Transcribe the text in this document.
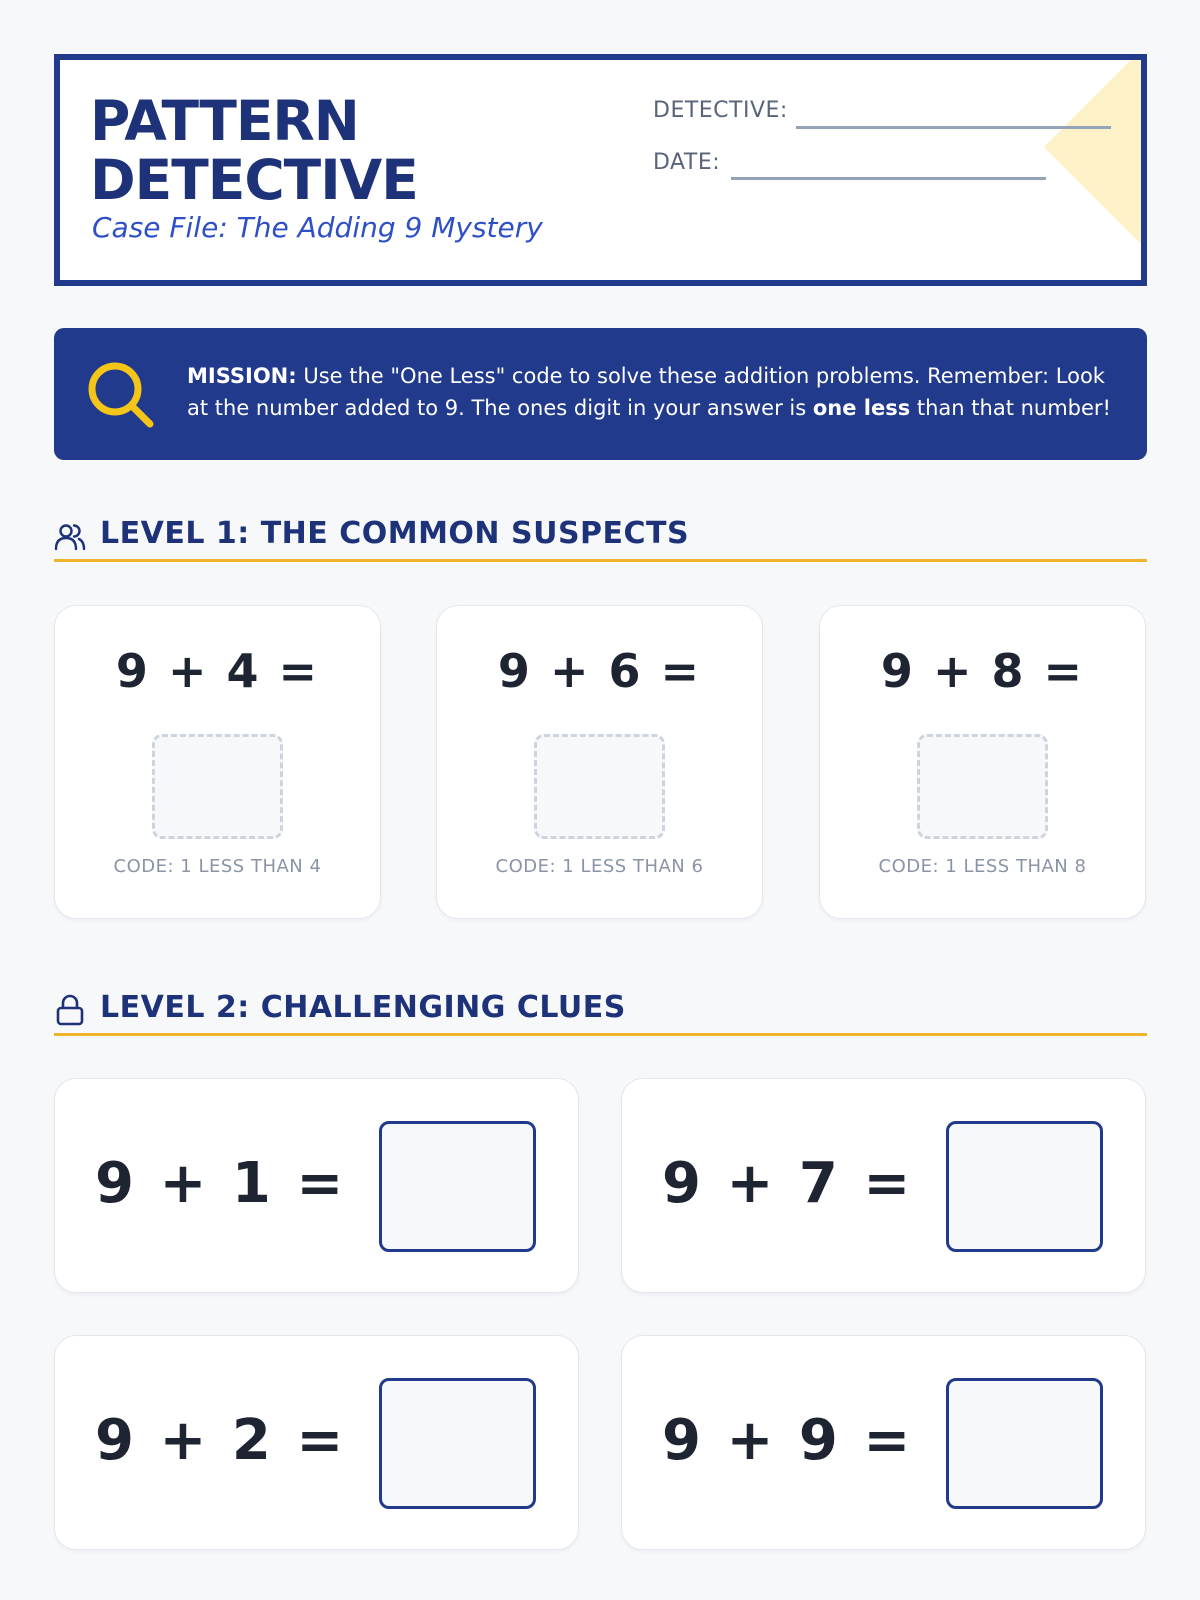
PATTERN
DETECTIVE
Case File: The Adding 9 Mystery
DETECTIVE:
DATE:
MISSION: Use the "One Less" code to solve these addition problems. Remember: Look at the number added to 9. The ones digit in your answer is one less than that number!
LEVEL 1: THE COMMON SUSPECTS
9 + 4 =
CODE: 1 LESS THAN 4
9 + 6 =
CODE: 1 LESS THAN 6
9 + 8 =
CODE: 1 LESS THAN 8
LEVEL 2: CHALLENGING CLUES
9 + 1 =	9 + 7 =
9 + 2 =	9 + 9 =
